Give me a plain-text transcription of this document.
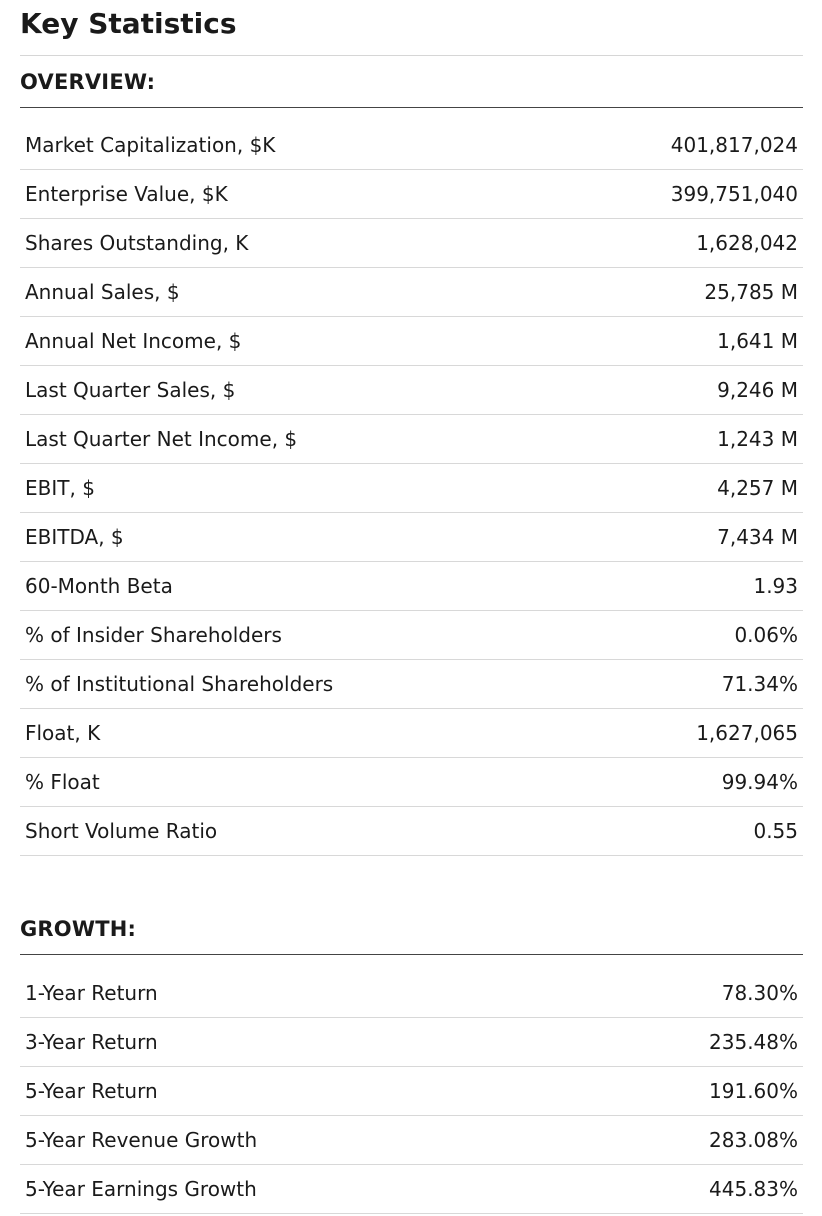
Key Statistics
OVERVIEW:
Market Capitalization, $K	401,817,024
Enterprise Value, $K	399,751,040
Shares Outstanding, K	1,628,042
Annual Sales, $	25,785 M
Annual Net Income, $	1,641 M
Last Quarter Sales, $	9,246 M
Last Quarter Net Income, $	1,243 M
EBIT, $	4,257 M
EBITDA, $	7,434 M
60-Month Beta	1.93
% of Insider Shareholders	0.06%
% of Institutional Shareholders	71.34%
Float, K	1,627,065
% Float	99.94%
Short Volume Ratio	0.55
GROWTH:
1-Year Return	78.30%
3-Year Return	235.48%
5-Year Return	191.60%
5-Year Revenue Growth	283.08%
5-Year Earnings Growth	445.83%
